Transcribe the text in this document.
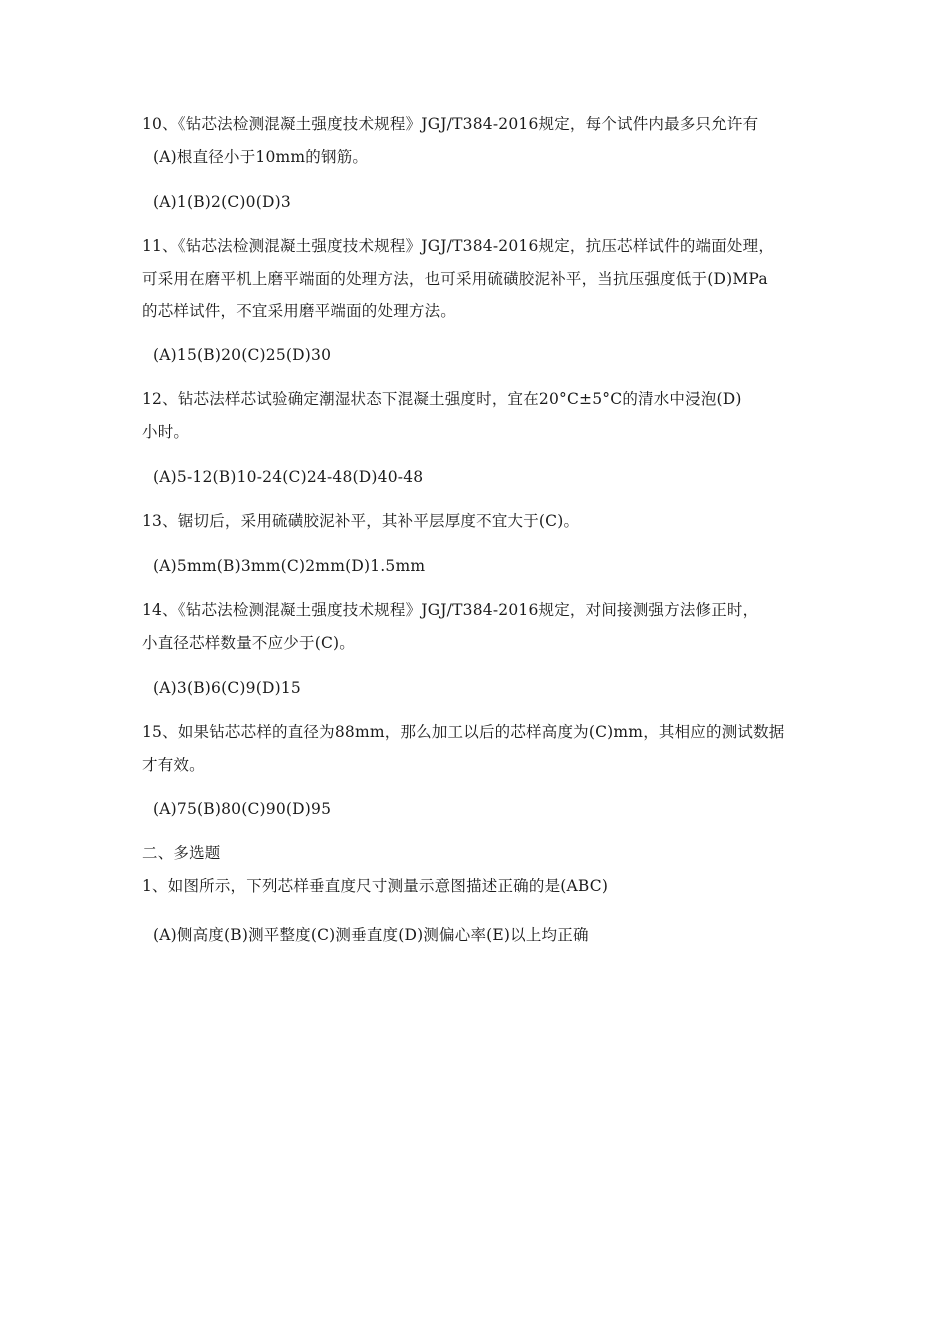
10、《钻芯法检测混凝土强度技术规程》JGJ/T384-2016规定，每个试件内最多只允许有
(A)根直径小于10mm的钢筋。
(A)1(B)2(C)0(D)3
11、《钻芯法检测混凝土强度技术规程》JGJ/T384-2016规定，抗压芯样试件的端面处理，
可采用在磨平机上磨平端面的处理方法，也可采用硫磺胶泥补平，当抗压强度低于(D)MPa
的芯样试件，不宜采用磨平端面的处理方法。
(A)15(B)20(C)25(D)30
12、钻芯法样芯试验确定潮湿状态下混凝土强度时，宜在20°C±5°C的清水中浸泡(D)
小时。
(A)5-12(B)10-24(C)24-48(D)40-48
13、锯切后，采用硫磺胶泥补平，其补平层厚度不宜大于(C)。
(A)5mm(B)3mm(C)2mm(D)1.5mm
14、《钻芯法检测混凝土强度技术规程》JGJ/T384-2016规定，对间接测强方法修正时，
小直径芯样数量不应少于(C)。
(A)3(B)6(C)9(D)15
15、如果钻芯芯样的直径为88mm，那么加工以后的芯样高度为(C)mm，其相应的测试数据
才有效。
(A)75(B)80(C)90(D)95
二、多选题
1、如图所示，下列芯样垂直度尺寸测量示意图描述正确的是(ABC)
(A)侧高度(B)测平整度(C)测垂直度(D)测偏心率(E)以上均正确
